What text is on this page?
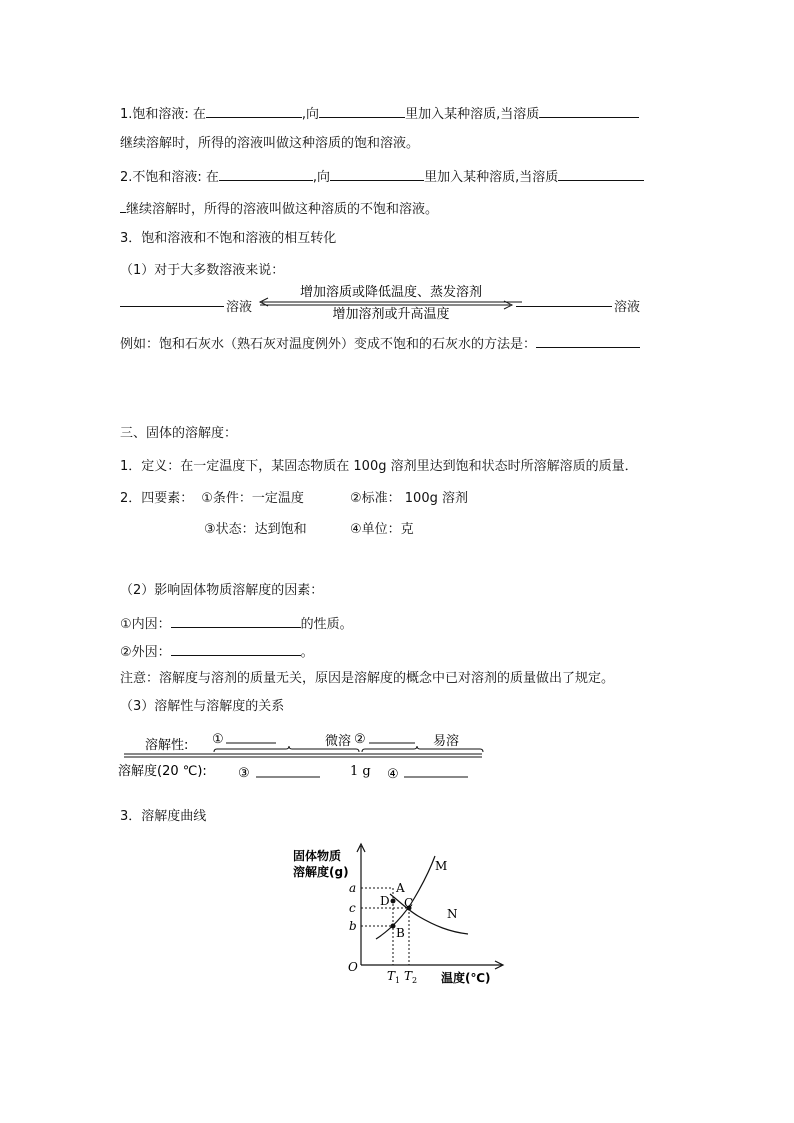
1.饱和溶液: 在	,向	里加入某种溶质,当溶质
继续溶解时，所得的溶液叫做这种溶质的饱和溶液。
2.不饱和溶液: 在	,向	里加入某种溶质,当溶质
继续溶解时，所得的溶液叫做这种溶质的不饱和溶液。
3．饱和溶液和不饱和溶液的相互转化
（1）对于大多数溶液来说：
溶液
增加溶质或降低温度、蒸发溶剂
增加溶剂或升高温度	溶液
例如：饱和石灰水（熟石灰对温度例外）变成不饱和的石灰水的方法是：
三、固体的溶解度：
1．定义：在一定温度下，某固态物质在 100g 溶剂里达到饱和状态时所溶解溶质的质量．
2．四要素： ①条件：一定温度	②标准： 100g 溶剂
③状态：达到饱和	④单位：克
（2）影响固体物质溶解度的因素：
①内因：	的性质。
②外因：	。
注意：溶解度与溶剂的质量无关，原因是溶解度的概念中已对溶剂的质量做出了规定。
（3）溶解性与溶解度的关系
溶解性: ①	微溶 ②	易溶
溶解度(20 ℃): ③	1 g ④
3．溶解度曲线
固体物质
溶解度(g)
O
a
c
b
A
D C
B
M
N
T 1 T 2 温度(℃)
